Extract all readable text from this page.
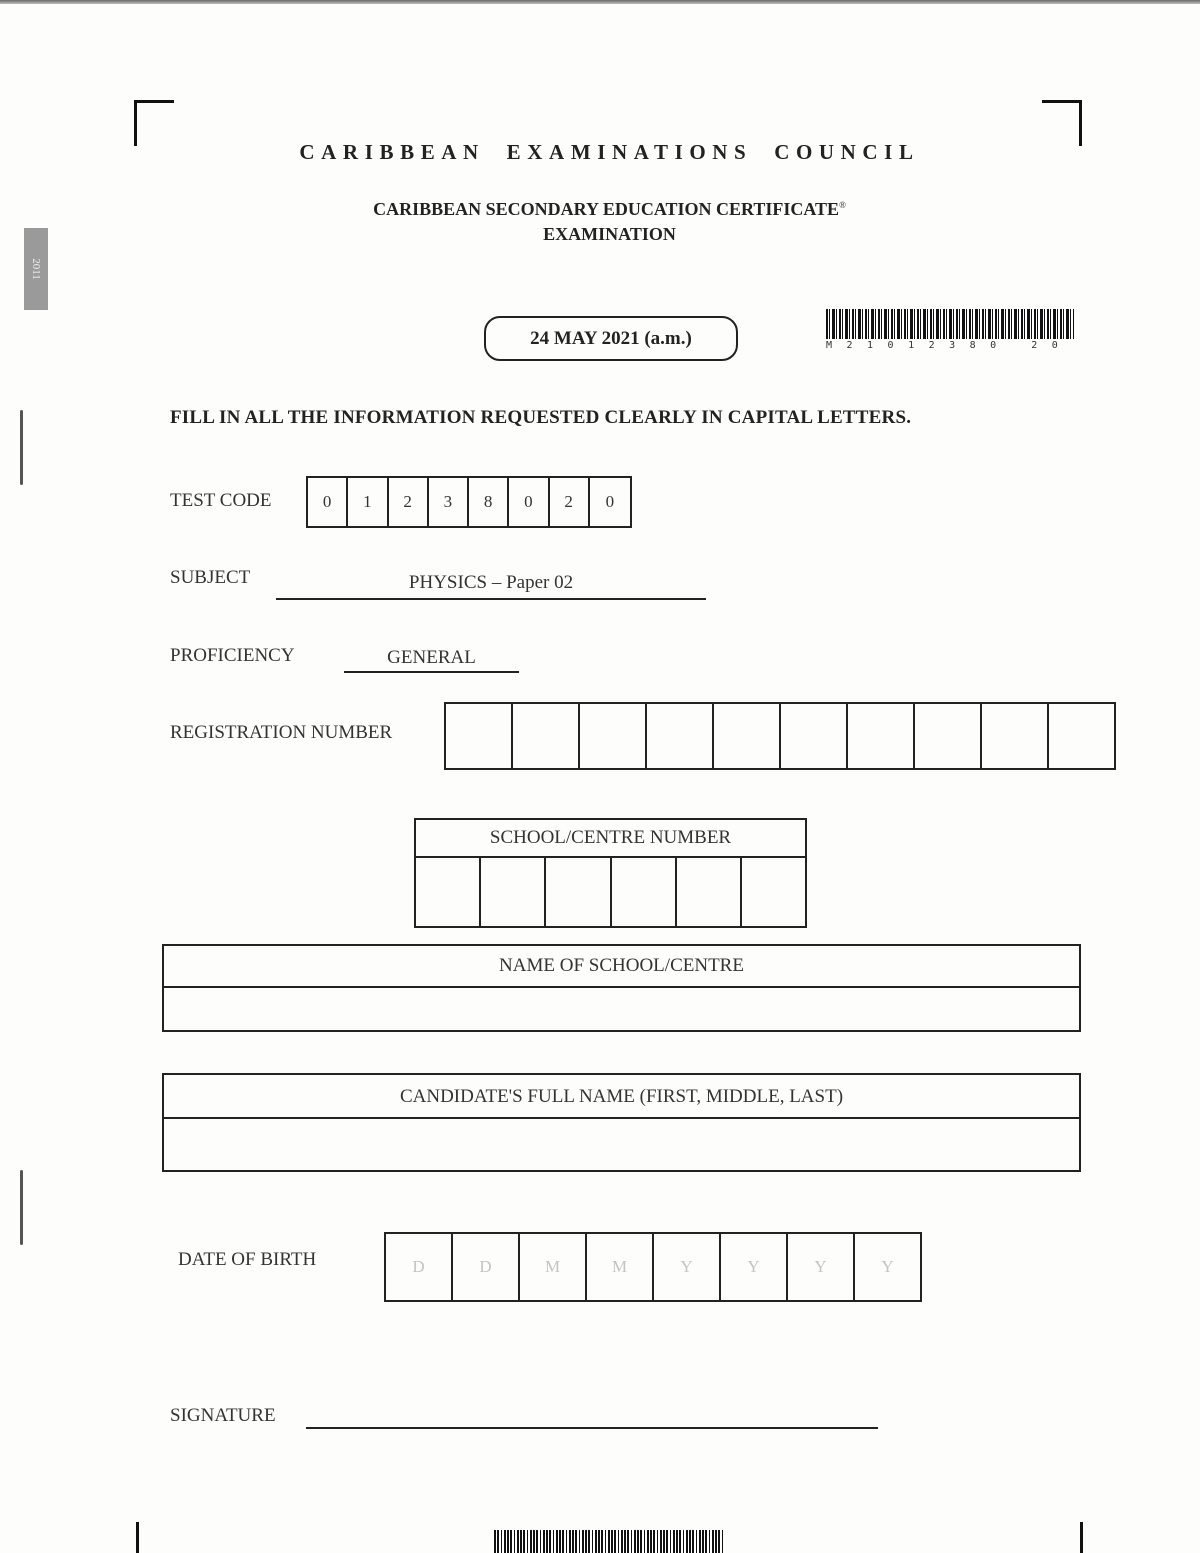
2011
CARIBBEAN EXAMINATIONS COUNCIL
CARIBBEAN SECONDARY EDUCATION CERTIFICATE®
EXAMINATION
24 MAY 2021 (a.m.)	M21012380 20
FILL IN ALL THE INFORMATION REQUESTED CLEARLY IN CAPITAL LETTERS.
TEST CODE	0	1	2	3	8	0	2	0
SUBJECT	PHYSICS – Paper 02
PROFICIENCY	GENERAL
REGISTRATION NUMBER
SCHOOL/CENTRE NUMBER
NAME OF SCHOOL/CENTRE
CANDIDATE'S FULL NAME (FIRST, MIDDLE, LAST)
DATE OF BIRTH	D	D	M	M	Y	Y	Y	Y
SIGNATURE
